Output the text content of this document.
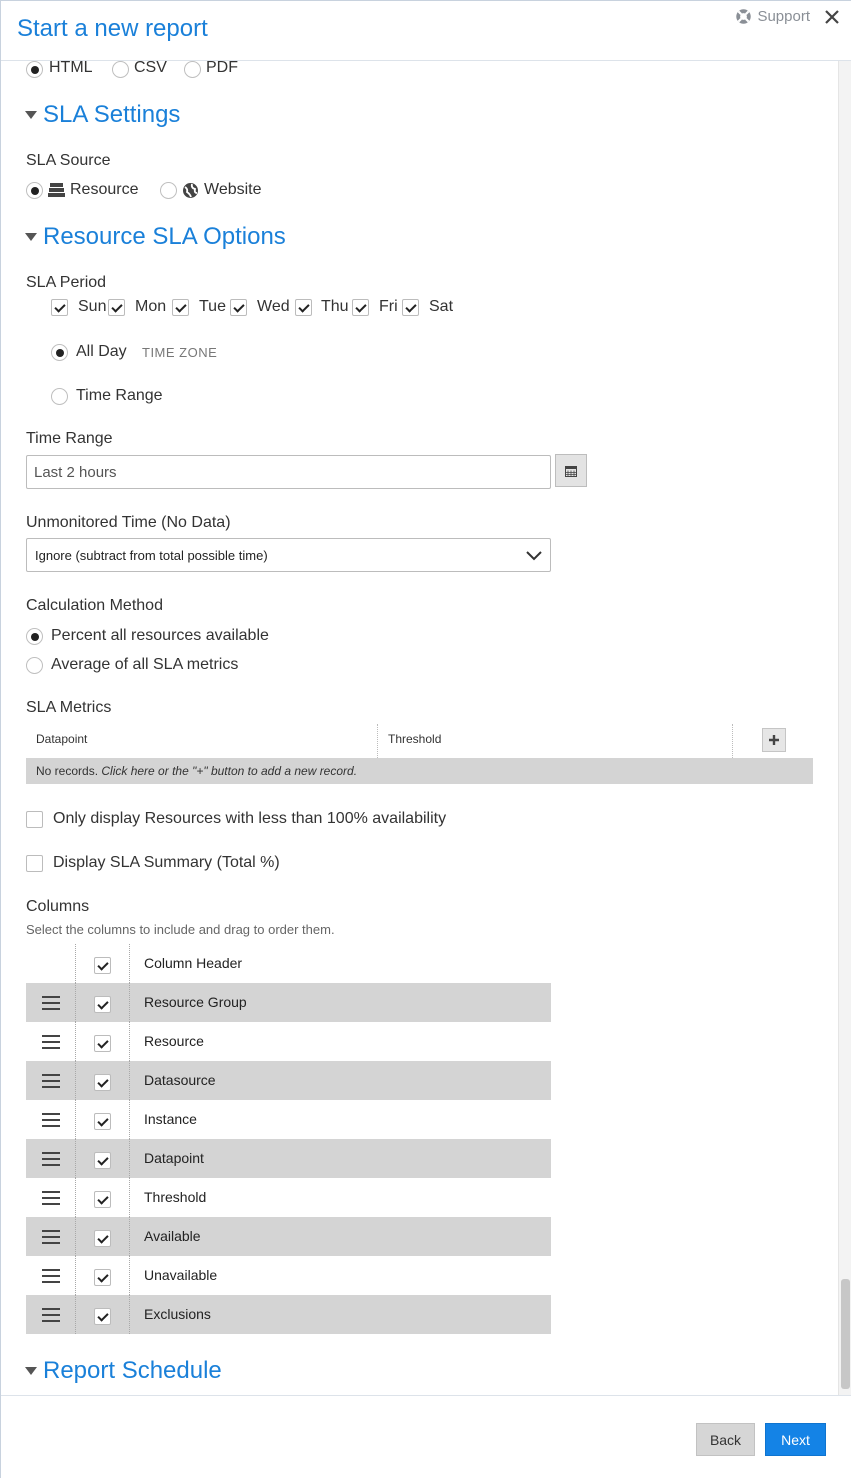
Start a new report	Support
HTML	CSV PDF
SLA Settings
SLA Source
Resource	Website
Resource SLA Options
SLA Period
Sun Mon Tue Wed Thu Fri Sat
All Day TIME ZONE
Time Range
Time Range
Last 2 hours
Unmonitored Time (No Data)
Ignore (subtract from total possible time)
Calculation Method
Percent all resources available
Average of all SLA metrics
SLA Metrics
Datapoint	Threshold
No records.
Click here or the "+" button to add a new record.
Only display Resources with less than 100% availability
Display SLA Summary (Total %)
Columns
Select the columns to include and drag to order them.
Column Header
Resource Group
Resource
Datasource
Instance
Datapoint
Threshold
Available
Unavailable
Exclusions
Report Schedule
Back	Next
